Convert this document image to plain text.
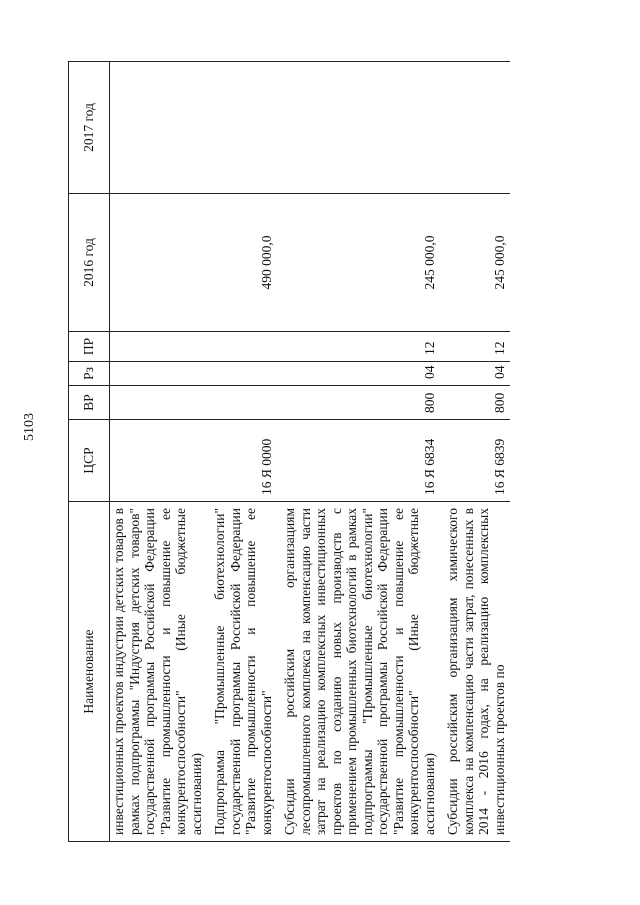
5103
Наименование	ЦСР	ВР	Рз	ПР	2016 год	2017 год
инвестиционных проектов индустрии детских товаров в рамках подпрограммы "Индустрия детских товаров" государственной программы Российской Федерации "Развитие промышленности и повышение ее конкурентоспособности" (Иные бюджетные ассигнования)						
Подпрограмма "Промышленные биотехнологии" государственной программы Российской Федерации "Развитие промышленности и повышение ее конкурентоспособности"	16 Я 0000				490 000,0	
Субсидии российским организациям лесопромышленного комплекса на компенсацию части затрат на реализацию комплексных инвестиционных проектов по созданию новых производств с применением промышленных биотехнологий в рамках подпрограммы "Промышленные биотехнологии" государственной программы Российской Федерации "Развитие промышленности и повышение ее конкурентоспособности" (Иные бюджетные ассигнования)	16 Я 6834	800	04	12	245 000,0	
Субсидии российским организациям химического комплекса на компенсацию части затрат, понесенных в 2014 - 2016 годах, на реализацию комплексных инвестиционных проектов по	16 Я 6839	800	04	12	245 000,0	
